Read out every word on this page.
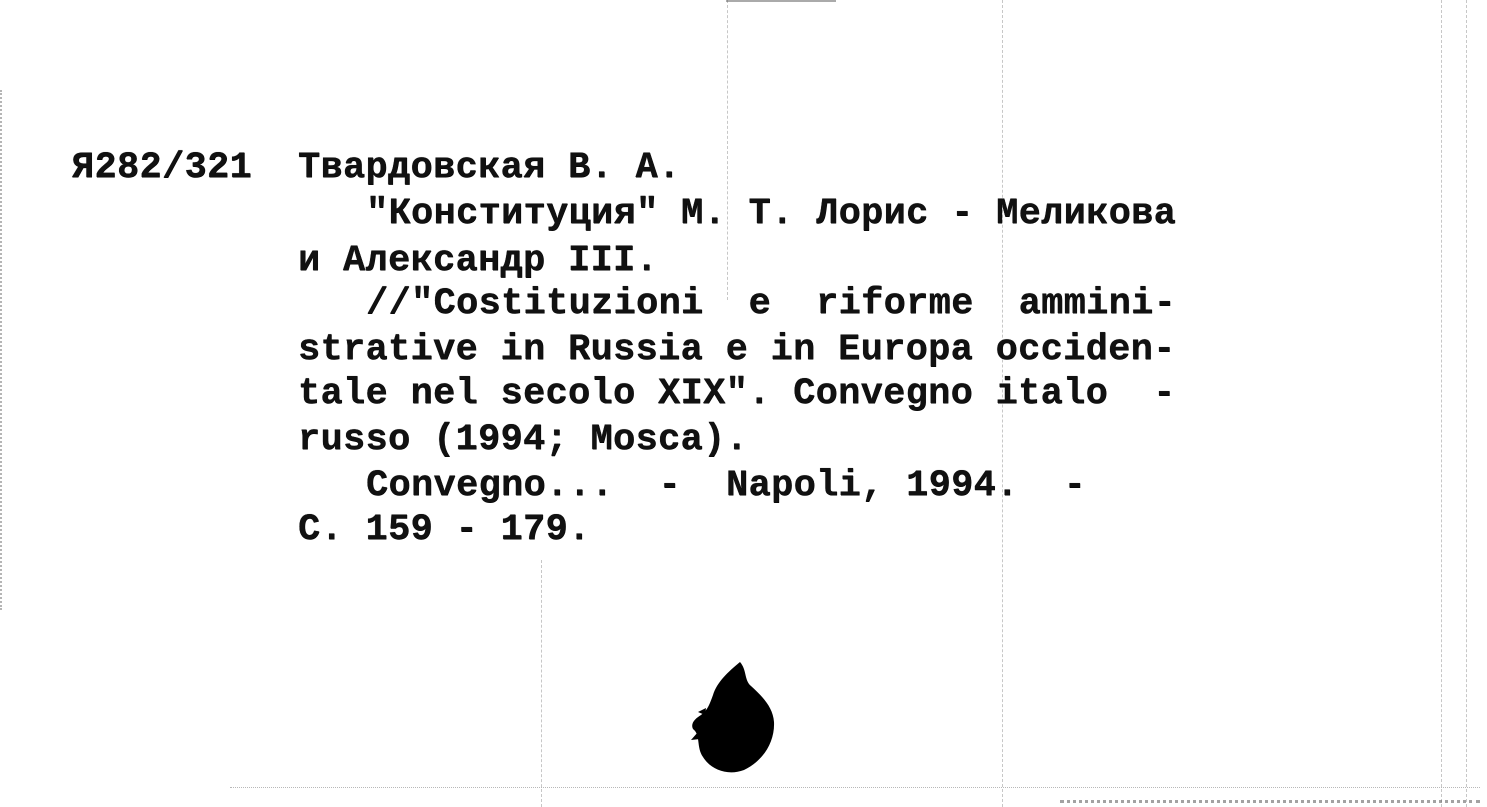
Я282/321 Твардовская В. А.
"Конституция" М. Т. Лорис - Меликова
и Александр III.
//"Costituzioni  e  riforme  ammini-
strative in Russia e in Europa occiden-
tale nel secolo XIX". Convegno italo  -
russo (1994; Mosca).
Convegno...  -  Napoli, 1994.  -
С. 159 - 179.
